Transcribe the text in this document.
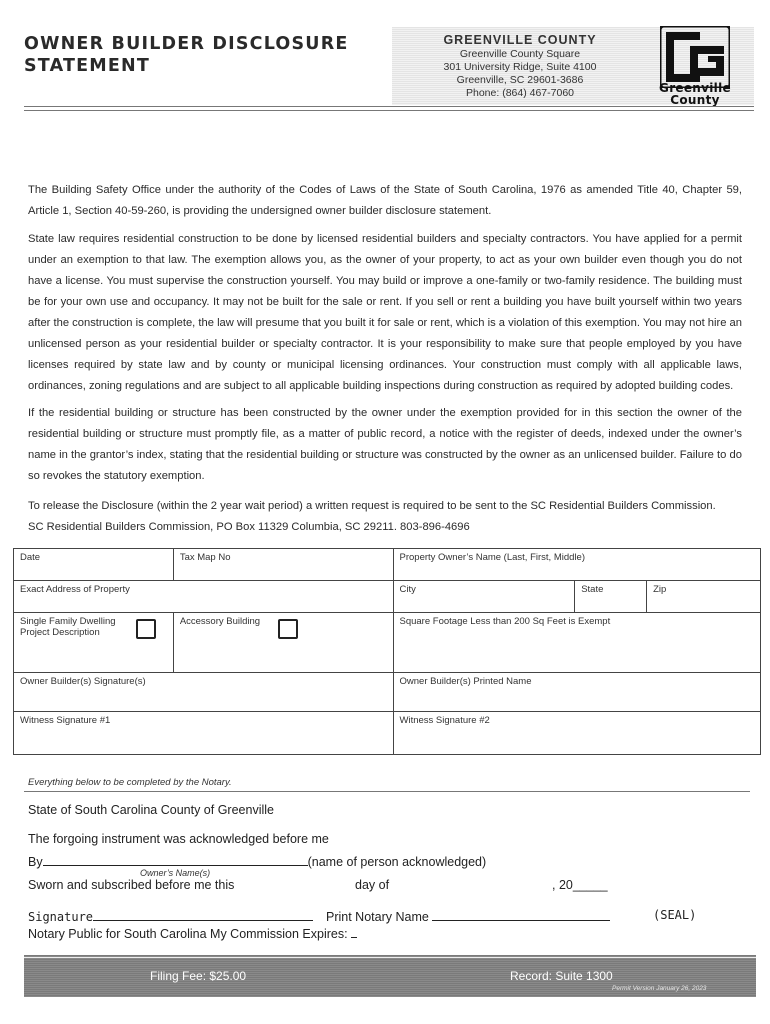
OWNER BUILDER DISCLOSURE
STATEMENT
GREENVILLE COUNTY
Greenville County Square
301 University Ridge, Suite 4100
Greenville, SC 29601-3686
Phone: (864) 467-7060	Greenville
County

The Building Safety Office under the authority of the Codes of Laws of the State of South Carolina, 1976 as amended Title 40, Chapter 59, Article 1, Section 40-59-260, is providing the undersigned owner builder disclosure statement.

State law requires residential construction to be done by licensed residential builders and specialty contractors. You have applied for a permit under an exemption to that law. The exemption allows you, as the owner of your property, to act as your own builder even though you do not have a license. You must supervise the construction yourself. You may build or improve a one-family or two-family residence. The building must be for your own use and occupancy. It may not be built for the sale or rent. If you sell or rent a building you have built yourself within two years after the construction is complete, the law will presume that you built it for sale or rent, which is a violation of this exemption. You may not hire an unlicensed person as your residential builder or specialty contractor. It is your responsibility to make sure that people employed by you have licenses required by state law and by county or municipal licensing ordinances. Your construction must comply with all applicable laws, ordinances, zoning regulations and are subject to all applicable building inspections during construction as required by adopted building codes.

If the residential building or structure has been constructed by the owner under the exemption provided for in this section the owner of the residential building or structure must promptly file, as a matter of public record, a notice with the register of deeds, indexed under the owner’s name in the grantor’s index, stating that the residential building or structure was constructed by the owner as an unlicensed builder. Failure to do so revokes the statutory exemption.

To release the Disclosure (within the 2 year wait period) a written request is required to be sent to the SC Residential Builders Commission.
SC Residential Builders Commission, PO Box 11329 Columbia, SC 29211. 803-896-4696

Date	Tax Map No	Property Owner’s Name (Last, First, Middle)		
Exact Address of Property		City	State	Zip

Single Family Dwelling
Project Description	Accessory Building	Square Footage Less than 200 Sq Feet is Exempt		
Owner Builder(s) Signature(s)		Owner Builder(s) Printed Name		
Witness Signature #1		Witness Signature #2		
Everything below to be completed by the Notary.
State of South Carolina County of Greenville
The forgoing instrument was acknowledged before me
By	(name of person acknowledged)
Owner’s Name(s)
Sworn and subscribed before me this	day of	, 20_____
Signature	Print Notary Name	(SEAL)
Notary Public for South Carolina My Commission Expires:
Filing Fee: $25.00	Record: Suite 1300
Permit Version January 26, 2023
